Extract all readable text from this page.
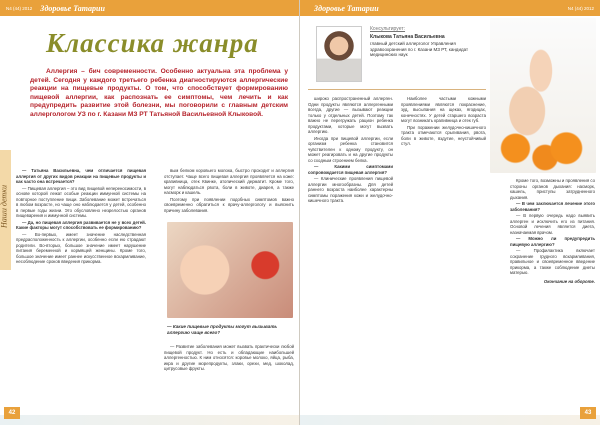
N4 (44) 2012 Здоровье Татарии
Наши детки
Классика жанра
Аллергия – бич современности. Особенно актуальна эта проблема у детей. Сегодня у каждого третьего ребенка диагностируются аллергические реакции на пищевые продукты. О том, что способствует формированию пищевой аллергии, как распознать ее симптомы, чем лечить и как предупредить развитие этой болезни, мы поговорили с главным детским аллергологом УЗ по г. Казани МЗ РТ Татьяной Васильевной Клыковой.

— Татьяна Васильевна, чем отличается пищевая аллергия от других видов реакции на пищевые продукты и как часто она встречается?

— Пищевая аллергия – это вид пищевой непереносимости, в основе которой лежат особые реакции иммунной системы на повторное поступление пищи. Заболевание может встречаться в любом возрасте, но чаще оно наблюдается у детей, особенно в первые годы жизни. Это обусловлено незрелостью органов пищеварения и иммунной системы.

— Да, но пищевая аллергия развивается не у всех детей. Какие факторы могут способствовать ее формированию?

— Во-первых, имеет значение наследственная предрасположенность к аллергии, особенно если ею страдают родители. Во-вторых, большое значение имеет нарушение питания беременной и кормящей женщины. Кроме того, большое значение имеет раннее искусственное вскармливание, несоблюдение сроков введения прикорма.

вым белком коровьего молока, быстро проходит и аллергия отступает. Чаще всего пищевая аллергия проявляется на коже: крапивница, отек Квинке, атопический дерматит. Кроме того, могут наблюдаться рвота, боли в животе, диарея, а также насморк и кашель.

Поэтому при появлении подобных симптомов важно своевременно обратиться к врачу-аллергологу и выяснить причину заболевания.

— Какие пищевые продукты могут вызывать аллергию чаще всего?

— Развитие заболевания может вызвать практически любой пищевой продукт. Но есть и обладающие наибольшей аллергенностью. К ним относятся: коровье молоко, яйца, рыба, икра и другие морепродукты, злаки, орехи, мед, шоколад, цитрусовые фрукты.

42
Здоровье Татарии	N4 (44) 2012
Консультирует:
Клыкова Татьяна Васильевна
главный детский аллерголог Управления здравоохранения по г. Казани МЗ РТ, кандидат медицинских наук

широко распространенный аллерген. Одни продукты являются аллергенными всегда, другие — вызывают реакции только у отдельных детей. Поэтому так важно не перегружать рацион ребенка продуктами, которые могут вызвать аллергию.

Иногда при пищевой аллергии, если организм ребенка становится чувствителен к одному продукту, он может реагировать и на другие продукты со сходным строением белка.

— Какими симптомами сопровождается пищевая аллергия?

— Клинические проявления пищевой аллергии многообразны. Для детей раннего возраста наиболее характерны симптомы поражения кожи и желудочно-кишечного тракта.

Наиболее частыми кожными проявлениями являются покраснение, зуд, высыпания на щеках, ягодицах, конечностях. У детей старшего возраста могут возникать крапивница и отек губ.

При поражении желудочно-кишечного тракта отмечаются срыгивания, рвота, боли в животе, вздутие, неустойчивый стул.

Кроме того, возможны и проявления со стороны органов дыхания: насморк, кашель, приступы затрудненного дыхания.

— В чем заключается лечение этого заболевания?

— В первую очередь надо выявить аллерген и исключить его из питания. Основой лечения является диета, назначаемая врачом.

— Можно ли предупредить пищевую аллергию?

— Профилактика включает сохранение грудного вскармливания, правильное и своевременное введение прикорма, а также соблюдение диеты матерью.

Окончание на обороте.

43
